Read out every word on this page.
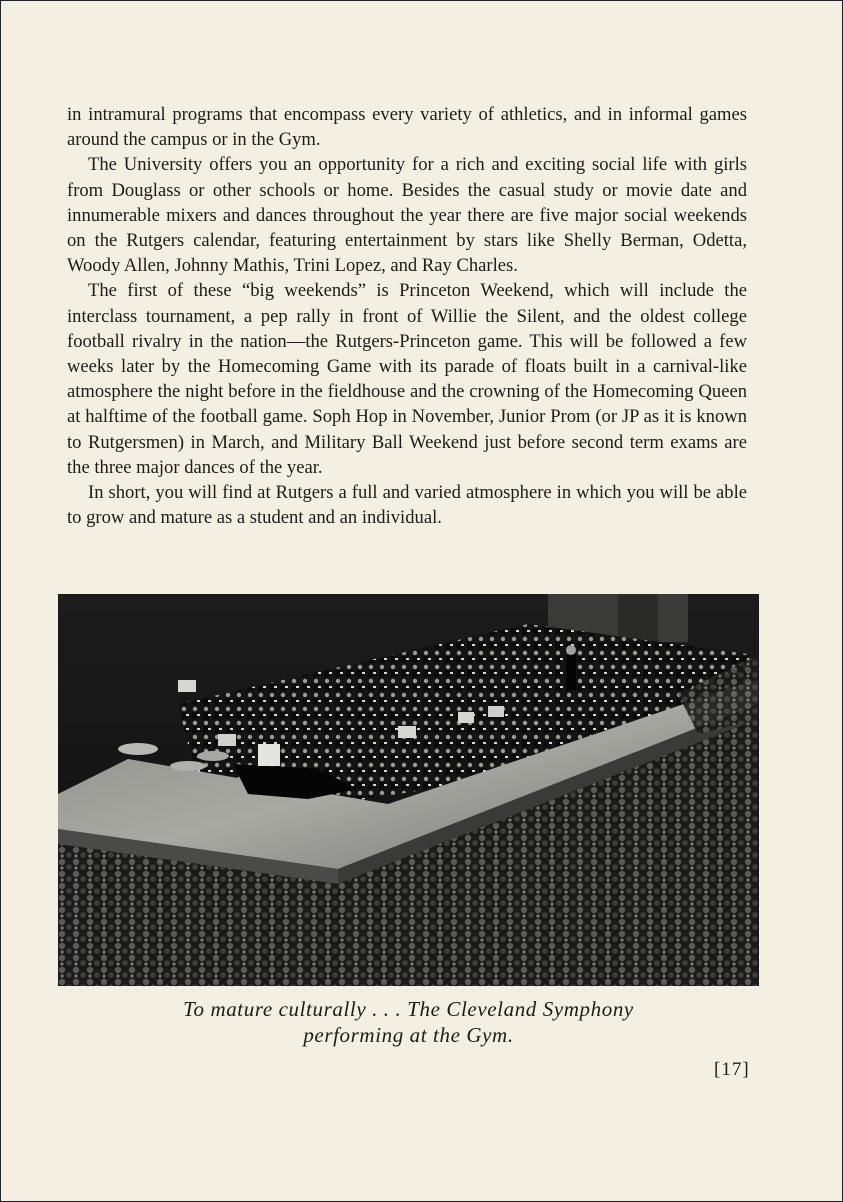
in intramural programs that encompass every variety of athletics, and in informal games around the campus or in the Gym.

The University offers you an opportunity for a rich and exciting social life with girls from Douglass or other schools or home. Besides the casual study or movie date and innumerable mixers and dances throughout the year there are five major social weekends on the Rutgers calendar, featuring entertainment by stars like Shelly Berman, Odetta, Woody Allen, Johnny Mathis, Trini Lopez, and Ray Charles.

The first of these “big weekends” is Princeton Weekend, which will include the interclass tournament, a pep rally in front of Willie the Silent, and the oldest college football rivalry in the nation—the Rutgers-Princeton game. This will be followed a few weeks later by the Homecoming Game with its parade of floats built in a carnival-like atmosphere the night before in the fieldhouse and the crowning of the Homecoming Queen at halftime of the football game. Soph Hop in November, Junior Prom (or JP as it is known to Rutgersmen) in March, and Military Ball Weekend just before second term exams are the three major dances of the year.

In short, you will find at Rutgers a full and varied atmosphere in which you will be able to grow and mature as a student and an individual.

To mature culturally . . . The Cleveland Symphony
performing at the Gym.
[17]
